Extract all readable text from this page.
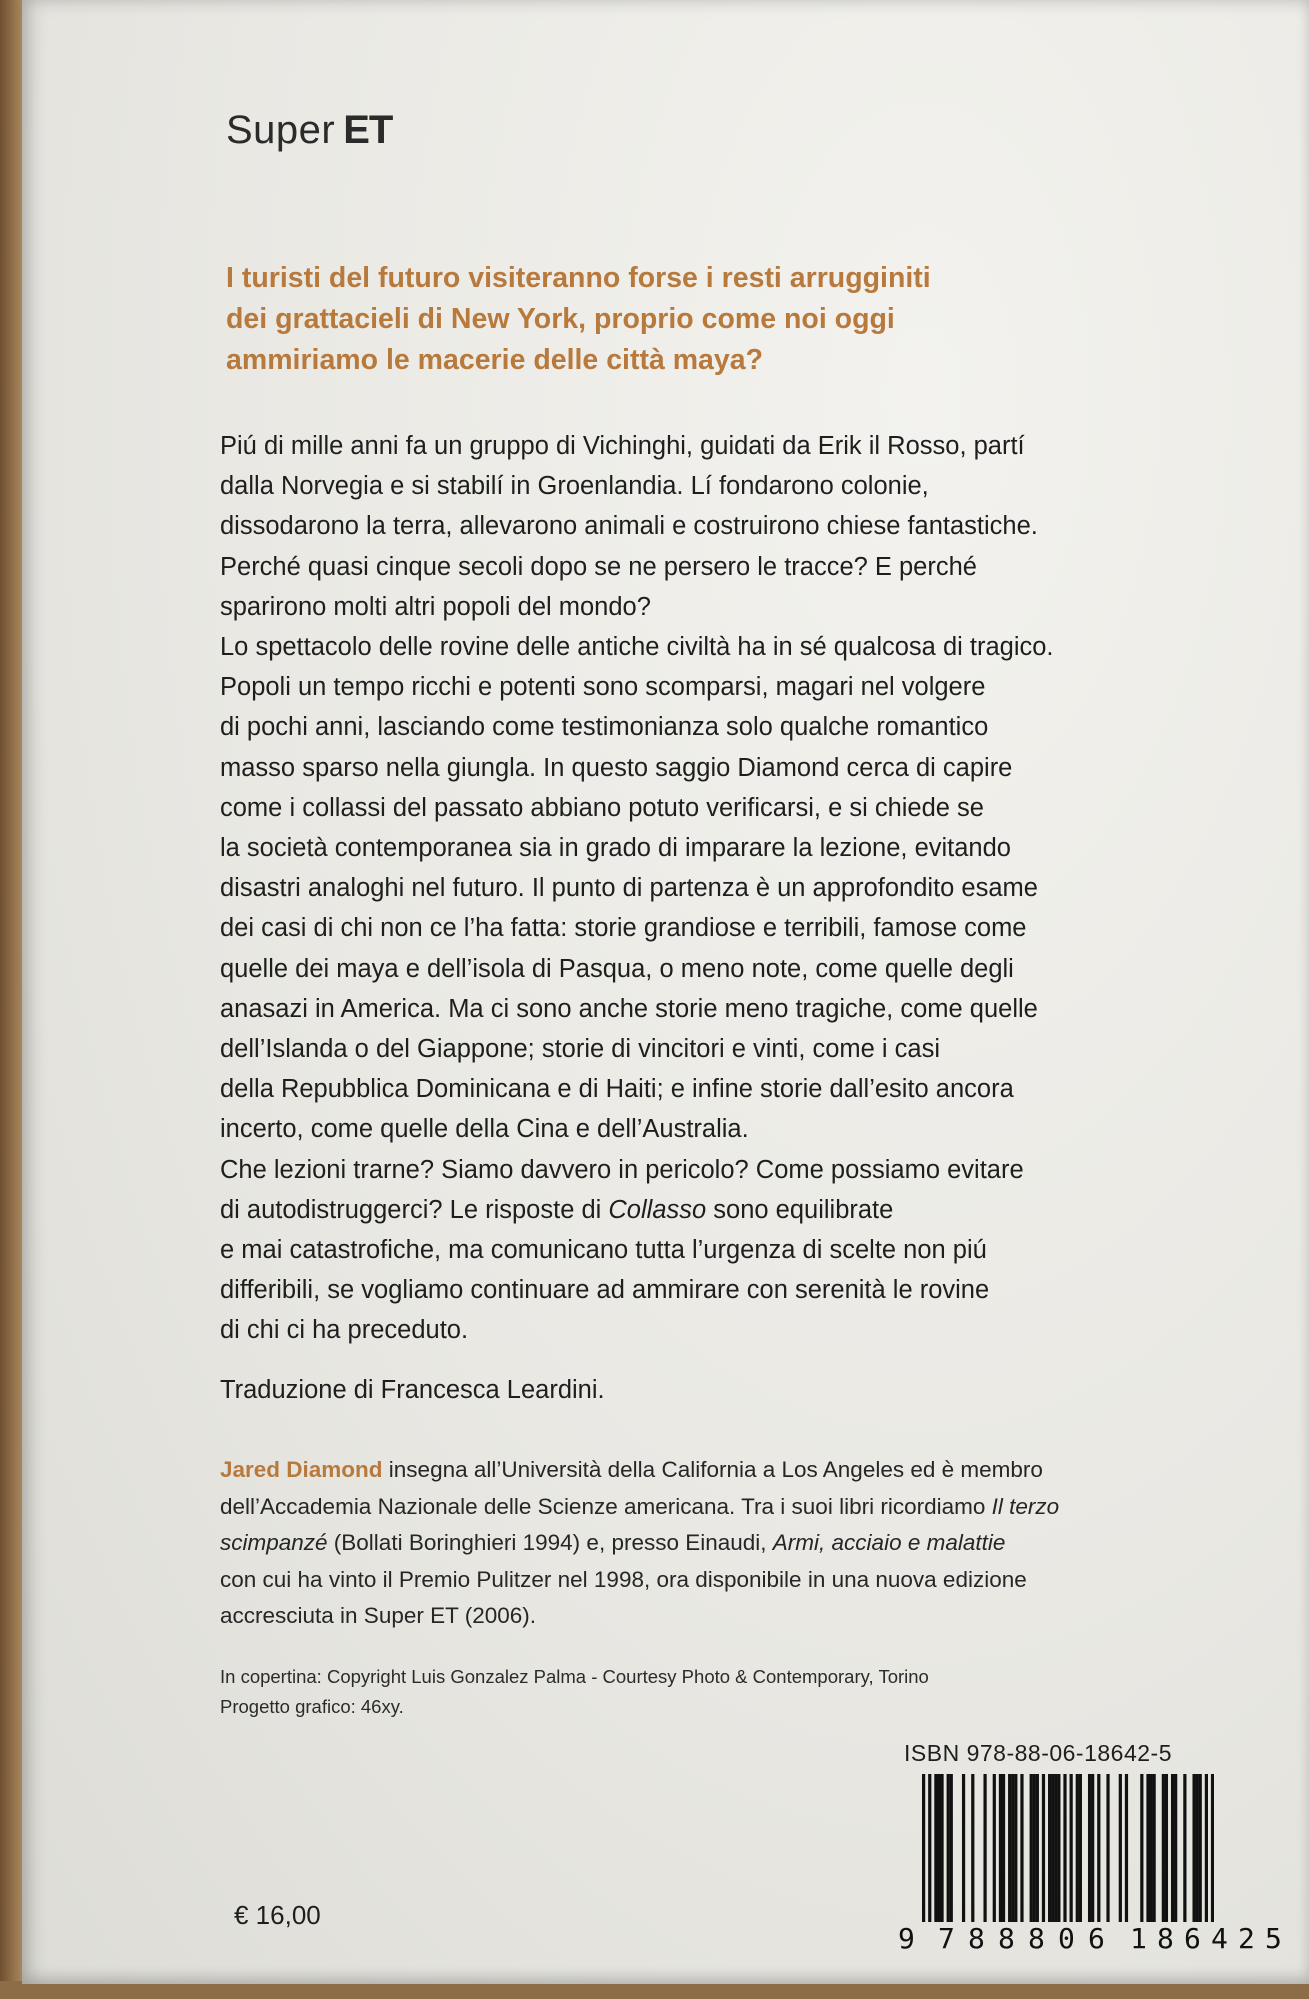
Super ET
I turisti del futuro visiteranno forse i resti arrugginiti
dei grattacieli di New York, proprio come noi oggi
ammiriamo le macerie delle città maya?

Piú di mille anni fa un gruppo di Vichinghi, guidati da Erik il Rosso, partí

dalla Norvegia e si stabilí in Groenlandia. Lí fondarono colonie,

dissodarono la terra, allevarono animali e costruirono chiese fantastiche.

Perché quasi cinque secoli dopo se ne persero le tracce? E perché

sparirono molti altri popoli del mondo?

Lo spettacolo delle rovine delle antiche civiltà ha in sé qualcosa di tragico.

Popoli un tempo ricchi e potenti sono scomparsi, magari nel volgere

di pochi anni, lasciando come testimonianza solo qualche romantico

masso sparso nella giungla. In questo saggio Diamond cerca di capire

come i collassi del passato abbiano potuto verificarsi, e si chiede se

la società contemporanea sia in grado di imparare la lezione, evitando

disastri analoghi nel futuro. Il punto di partenza è un approfondito esame

dei casi di chi non ce l’ha fatta: storie grandiose e terribili, famose come

quelle dei maya e dell’isola di Pasqua, o meno note, come quelle degli

anasazi in America. Ma ci sono anche storie meno tragiche, come quelle

dell’Islanda o del Giappone; storie di vincitori e vinti, come i casi

della Repubblica Dominicana e di Haiti; e infine storie dall’esito ancora

incerto, come quelle della Cina e dell’Australia.

Che lezioni trarne? Siamo davvero in pericolo? Come possiamo evitare

di autodistruggerci? Le risposte di Collasso sono equilibrate

e mai catastrofiche, ma comunicano tutta l’urgenza di scelte non piú

differibili, se vogliamo continuare ad ammirare con serenità le rovine

di chi ci ha preceduto.

Traduzione di Francesca Leardini.
Jared Diamond insegna all’Università della California a Los Angeles ed è membro
dell’Accademia Nazionale delle Scienze americana. Tra i suoi libri ricordiamo Il terzo
scimpanzé (Bollati Boringhieri 1994) e, presso Einaudi, Armi, acciaio e malattie
con cui ha vinto il Premio Pulitzer nel 1998, ora disponibile in una nuova edizione
accresciuta in Super ET (2006).
In copertina: Copyright Luis Gonzalez Palma - Courtesy Photo & Contemporary, Torino
Progetto grafico: 46xy.
ISBN 978-88-06-18642-5
9 7 8 8 8 0 6 1 8 6 4 2 5
€ 16,00
